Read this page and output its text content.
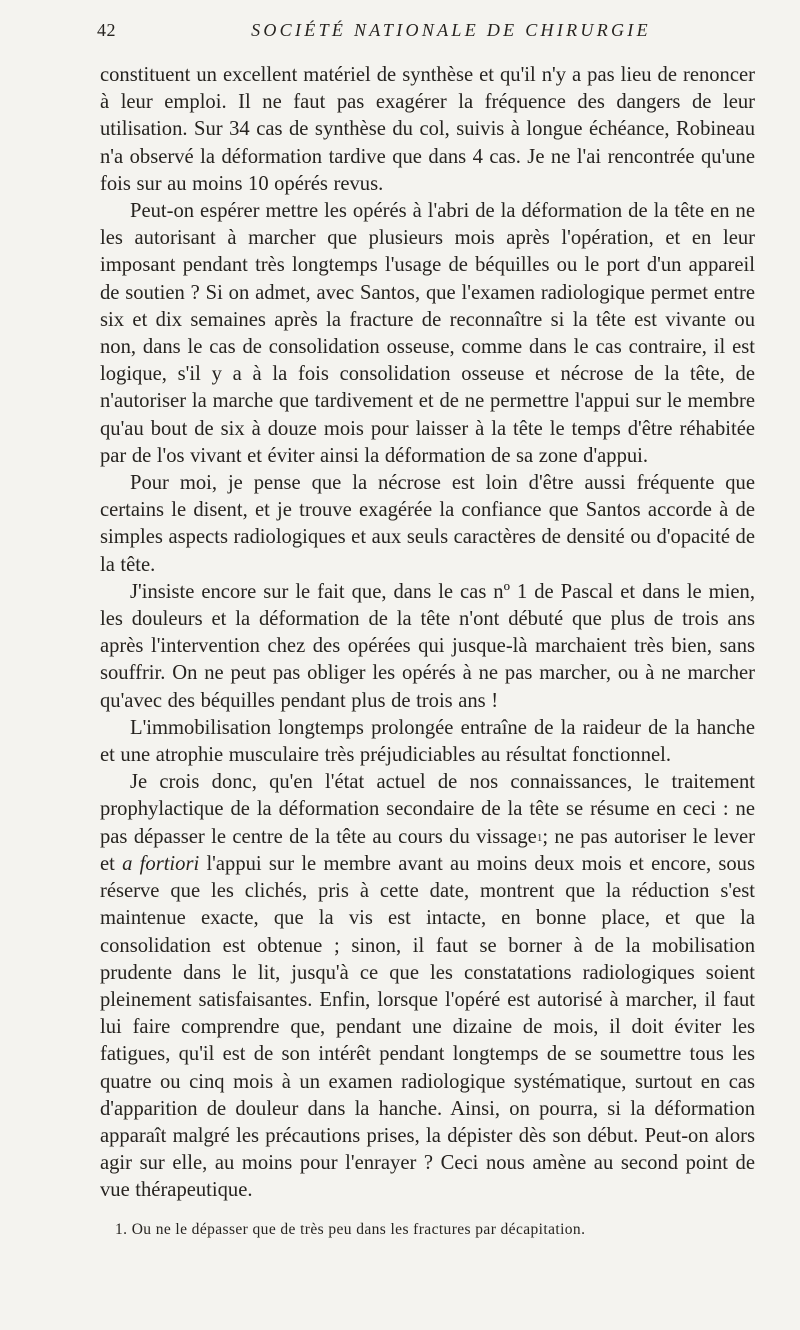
42	SOCIÉTÉ NATIONALE DE CHIRURGIE

constituent un excellent matériel de synthèse et qu'il n'y a pas lieu de renoncer à leur emploi. Il ne faut pas exagérer la fréquence des dangers de leur utilisation. Sur 34 cas de synthèse du col, suivis à longue échéance, Robineau n'a observé la déformation tardive que dans 4 cas. Je ne l'ai rencontrée qu'une fois sur au moins 10 opérés revus.

Peut-on espérer mettre les opérés à l'abri de la déformation de la tête en ne les autorisant à marcher que plusieurs mois après l'opération, et en leur imposant pendant très longtemps l'usage de béquilles ou le port d'un appareil de soutien ? Si on admet, avec Santos, que l'examen radiologique permet entre six et dix semaines après la fracture de reconnaître si la tête est vivante ou non, dans le cas de consolidation osseuse, comme dans le cas contraire, il est logique, s'il y a à la fois consolidation osseuse et nécrose de la tête, de n'autoriser la marche que tardivement et de ne permettre l'appui sur le membre qu'au bout de six à douze mois pour laisser à la tête le temps d'être réhabitée par de l'os vivant et éviter ainsi la déformation de sa zone d'appui.

Pour moi, je pense que la nécrose est loin d'être aussi fréquente que certains le disent, et je trouve exagérée la confiance que Santos accorde à de simples aspects radiologiques et aux seuls caractères de densité ou d'opacité de la tête.

J'insiste encore sur le fait que, dans le cas nº 1 de Pascal et dans le mien, les douleurs et la déformation de la tête n'ont débuté que plus de trois ans après l'intervention chez des opérées qui jusque-là marchaient très bien, sans souffrir. On ne peut pas obliger les opérés à ne pas marcher, ou à ne marcher qu'avec des béquilles pendant plus de trois ans !

L'immobilisation longtemps prolongée entraîne de la raideur de la hanche et une atrophie musculaire très préjudiciables au résultat fonctionnel.

Je crois donc, qu'en l'état actuel de nos connaissances, le traitement prophylactique de la déformation secondaire de la tête se résume en ceci : ne pas dépasser le centre de la tête au cours du vissage$^1$; ne pas autoriser le lever et a fortiori l'appui sur le membre avant au moins deux mois et encore, sous réserve que les clichés, pris à cette date, montrent que la réduction s'est maintenue exacte, que la vis est intacte, en bonne place, et que la consolidation est obtenue ; sinon, il faut se borner à de la mobilisation prudente dans le lit, jusqu'à ce que les constatations radiologiques soient pleinement satisfaisantes. Enfin, lorsque l'opéré est autorisé à marcher, il faut lui faire comprendre que, pendant une dizaine de mois, il doit éviter les fatigues, qu'il est de son intérêt pendant longtemps de se soumettre tous les quatre ou cinq mois à un examen radiologique systématique, surtout en cas d'apparition de douleur dans la hanche. Ainsi, on pourra, si la déformation apparaît malgré les précautions prises, la dépister dès son début. Peut-on alors agir sur elle, au moins pour l'enrayer ? Ceci nous amène au second point de vue thérapeutique.

1. Ou ne le dépasser que de très peu dans les fractures par décapitation.
